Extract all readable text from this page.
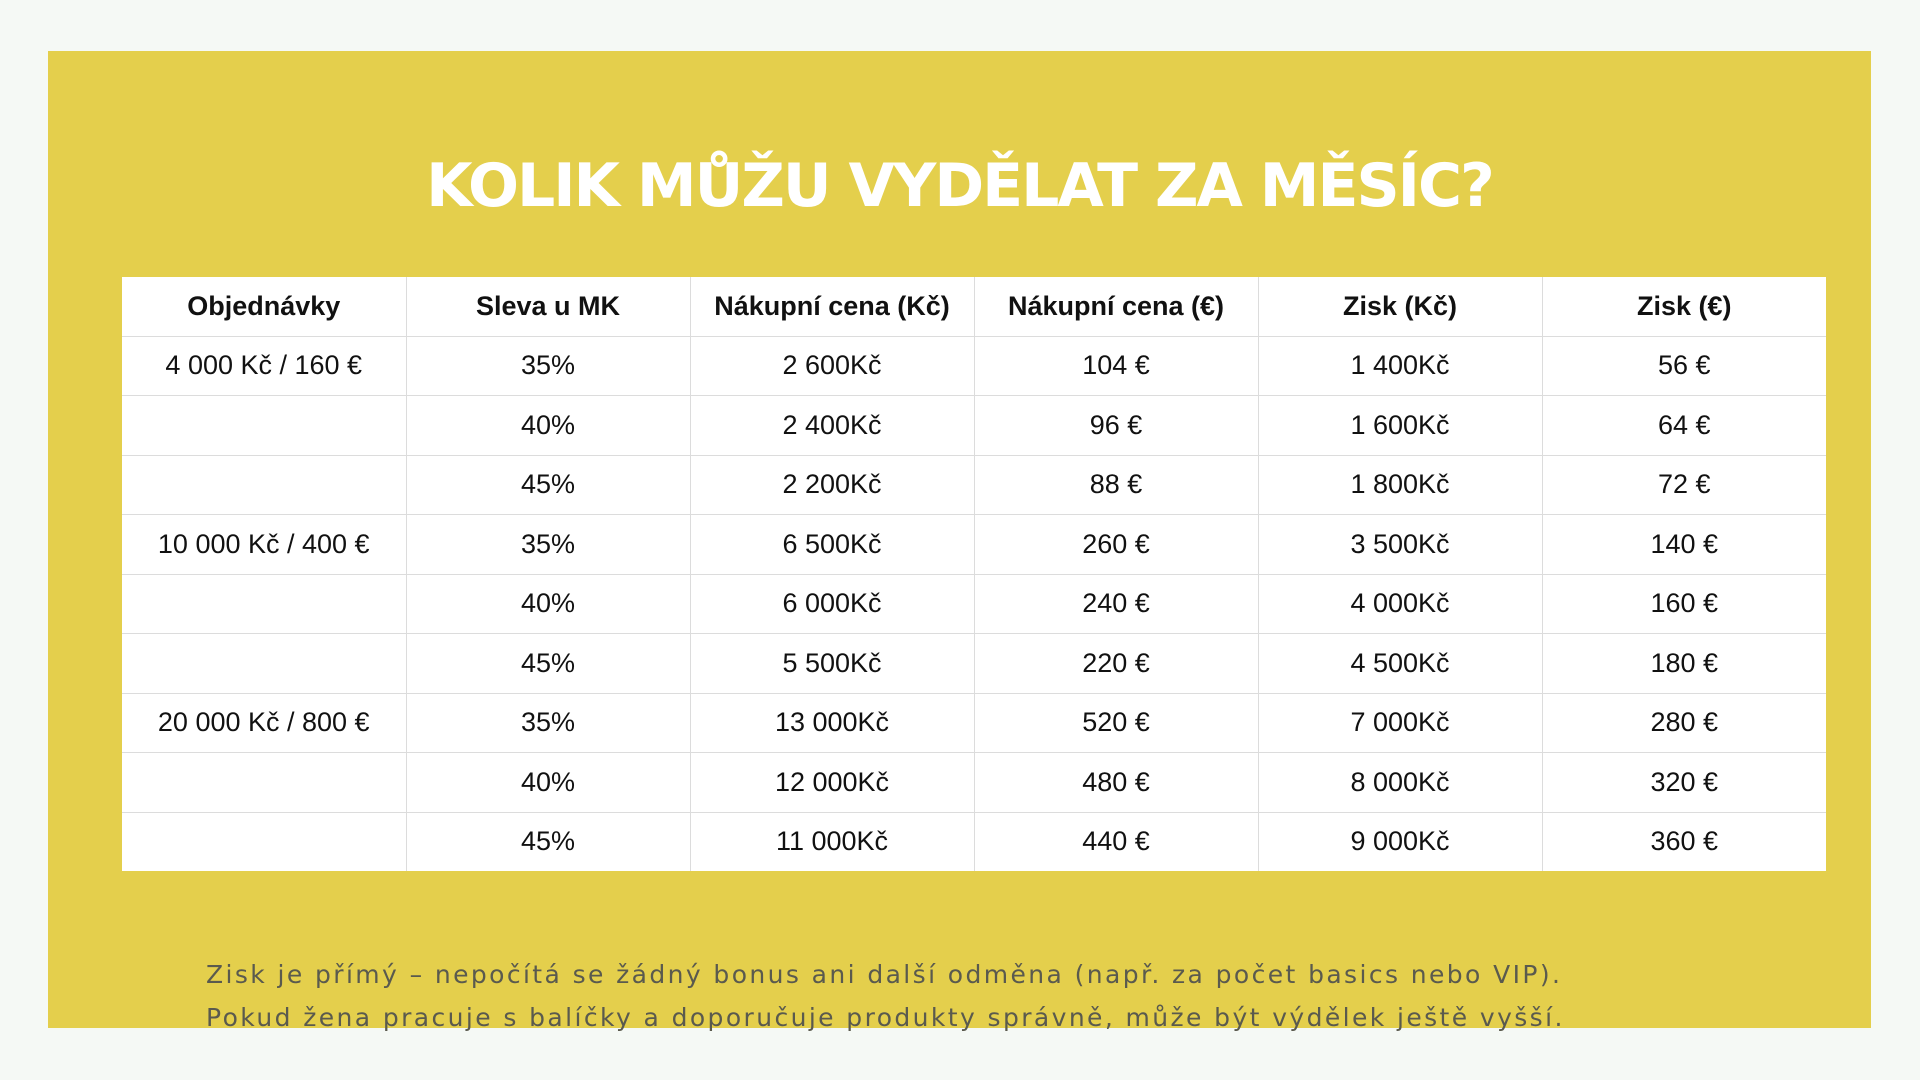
KOLIK MŮŽU VYDĚLAT ZA MĚSÍC?
Objednávky	Sleva u MK	Nákupní cena (Kč)	Nákupní cena (€)	Zisk (Kč)	Zisk (€)
4 000 Kč / 160 €	35%	2 600Kč	104 €	1 400Kč	56 €
	40%	2 400Kč	96 €	1 600Kč	64 €
	45%	2 200Kč	88 €	1 800Kč	72 €
10 000 Kč / 400 €	35%	6 500Kč	260 €	3 500Kč	140 €
	40%	6 000Kč	240 €	4 000Kč	160 €
	45%	5 500Kč	220 €	4 500Kč	180 €
20 000 Kč / 800 €	35%	13 000Kč	520 €	7 000Kč	280 €
	40%	12 000Kč	480 €	8 000Kč	320 €
	45%	11 000Kč	440 €	9 000Kč	360 €

Zisk je přímý – nepočítá se žádný bonus ani další odměna (např. za počet basics nebo VIP).
Pokud žena pracuje s balíčky a doporučuje produkty správně, může být výdělek ještě vyšší.
